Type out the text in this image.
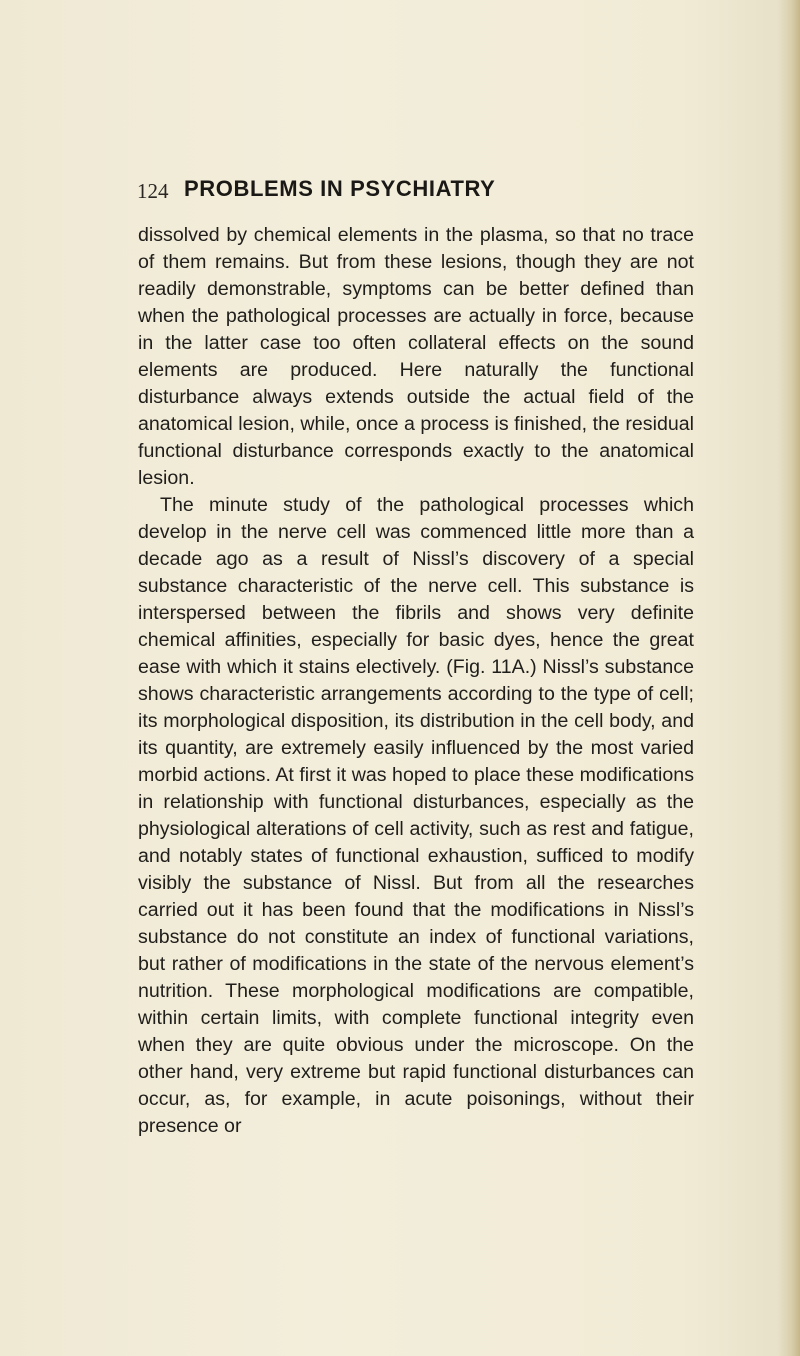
124 PROBLEMS IN PSYCHIATRY

dissolved by chemical elements in the plasma, so that no trace of them remains. But from these lesions, though they are not readily demonstrable, symptoms can be better defined than when the pathological processes are actually in force, because in the latter case too often collateral effects on the sound elements are produced. Here naturally the functional disturbance always extends outside the actual field of the anatomical lesion, while, once a process is finished, the residual functional disturbance corresponds exactly to the anatomical lesion.

The minute study of the pathological processes which develop in the nerve cell was commenced little more than a decade ago as a result of Nissl’s discovery of a special substance characteristic of the nerve cell. This substance is interspersed between the fibrils and shows very definite chemical affinities, especially for basic dyes, hence the great ease with which it stains electively. (Fig. 11A.) Nissl’s substance shows characteristic arrangements according to the type of cell; its morphological disposition, its distribution in the cell body, and its quantity, are extremely easily influenced by the most varied morbid actions. At first it was hoped to place these modifications in relationship with functional disturbances, especially as the physiological alterations of cell activity, such as rest and fatigue, and notably states of functional exhaustion, sufficed to modify visibly the substance of Nissl. But from all the researches carried out it has been found that the modifications in Nissl’s substance do not constitute an index of functional variations, but rather of modifications in the state of the nervous element’s nutrition. These morphological modifications are compatible, within certain limits, with complete functional integrity even when they are quite obvious under the microscope. On the other hand, very extreme but rapid functional disturbances can occur, as, for example, in acute poisonings, without their presence or
